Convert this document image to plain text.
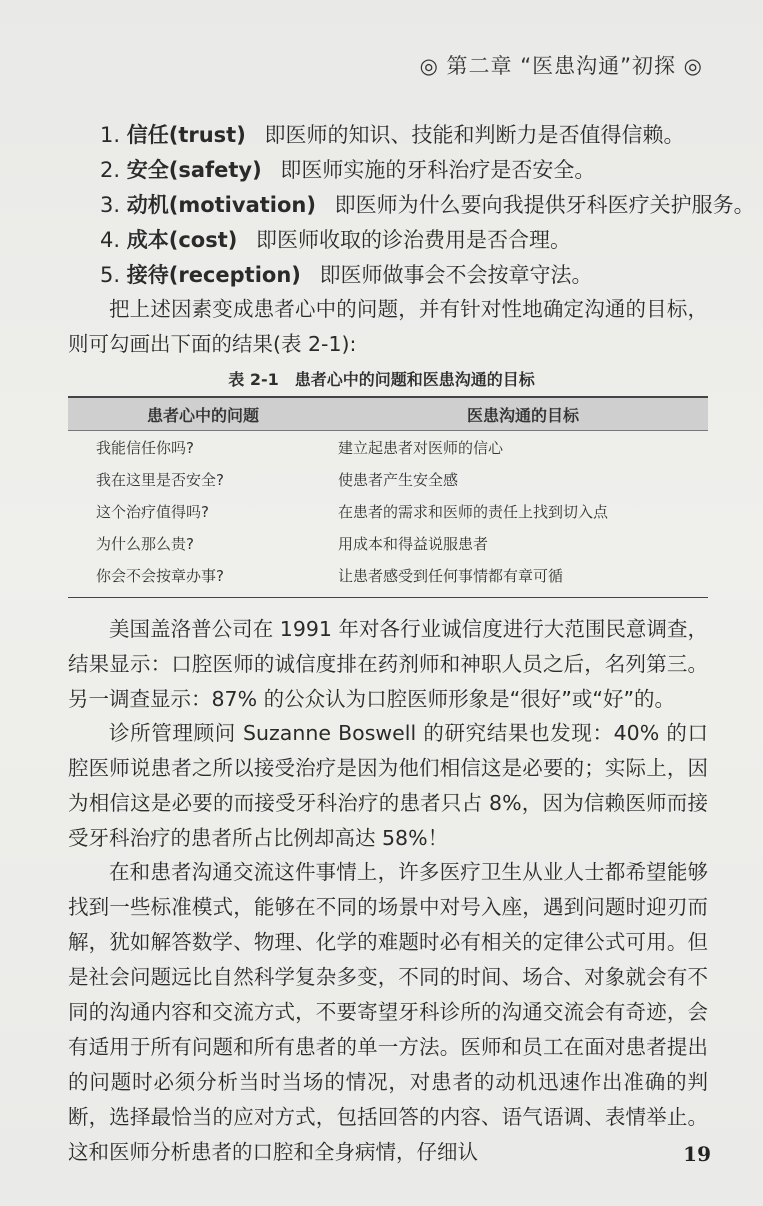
◎ 第二章 “医患沟通”初探 ◎
1. 信任(trust) 即医师的知识、技能和判断力是否值得信赖。
2. 安全(safety) 即医师实施的牙科治疗是否安全。
3. 动机(motivation) 即医师为什么要向我提供牙科医疗关护服务。
4. 成本(cost) 即医师收取的诊治费用是否合理。
5. 接待(reception) 即医师做事会不会按章守法。
把上述因素变成患者心中的问题，并有针对性地确定沟通的目标，则可勾画出下面的结果(表 2-1):
表 2-1　患者心中的问题和医患沟通的目标
患者心中的问题	医患沟通的目标
我能信任你吗?	建立起患者对医师的信心
我在这里是否安全?	使患者产生安全感
这个治疗值得吗?	在患者的需求和医师的责任上找到切入点
为什么那么贵?	用成本和得益说服患者
你会不会按章办事?	让患者感受到任何事情都有章可循
美国盖洛普公司在 1991 年对各行业诚信度进行大范围民意调查，结果显示：口腔医师的诚信度排在药剂师和神职人员之后，名列第三。另一调查显示：87% 的公众认为口腔医师形象是“很好”或“好”的。
诊所管理顾问 Suzanne Boswell 的研究结果也发现：40% 的口腔医师说患者之所以接受治疗是因为他们相信这是必要的；实际上，因为相信这是必要的而接受牙科治疗的患者只占 8%，因为信赖医师而接受牙科治疗的患者所占比例却高达 58%！
在和患者沟通交流这件事情上，许多医疗卫生从业人士都希望能够找到一些标准模式，能够在不同的场景中对号入座，遇到问题时迎刃而解，犹如解答数学、物理、化学的难题时必有相关的定律公式可用。但是社会问题远比自然科学复杂多变，不同的时间、场合、对象就会有不同的沟通内容和交流方式，不要寄望牙科诊所的沟通交流会有奇迹，会有适用于所有问题和所有患者的单一方法。医师和员工在面对患者提出的问题时必须分析当时当场的情况，对患者的动机迅速作出准确的判断，选择最恰当的应对方式，包括回答的内容、语气语调、表情举止。这和医师分析患者的口腔和全身病情，仔细认	19
